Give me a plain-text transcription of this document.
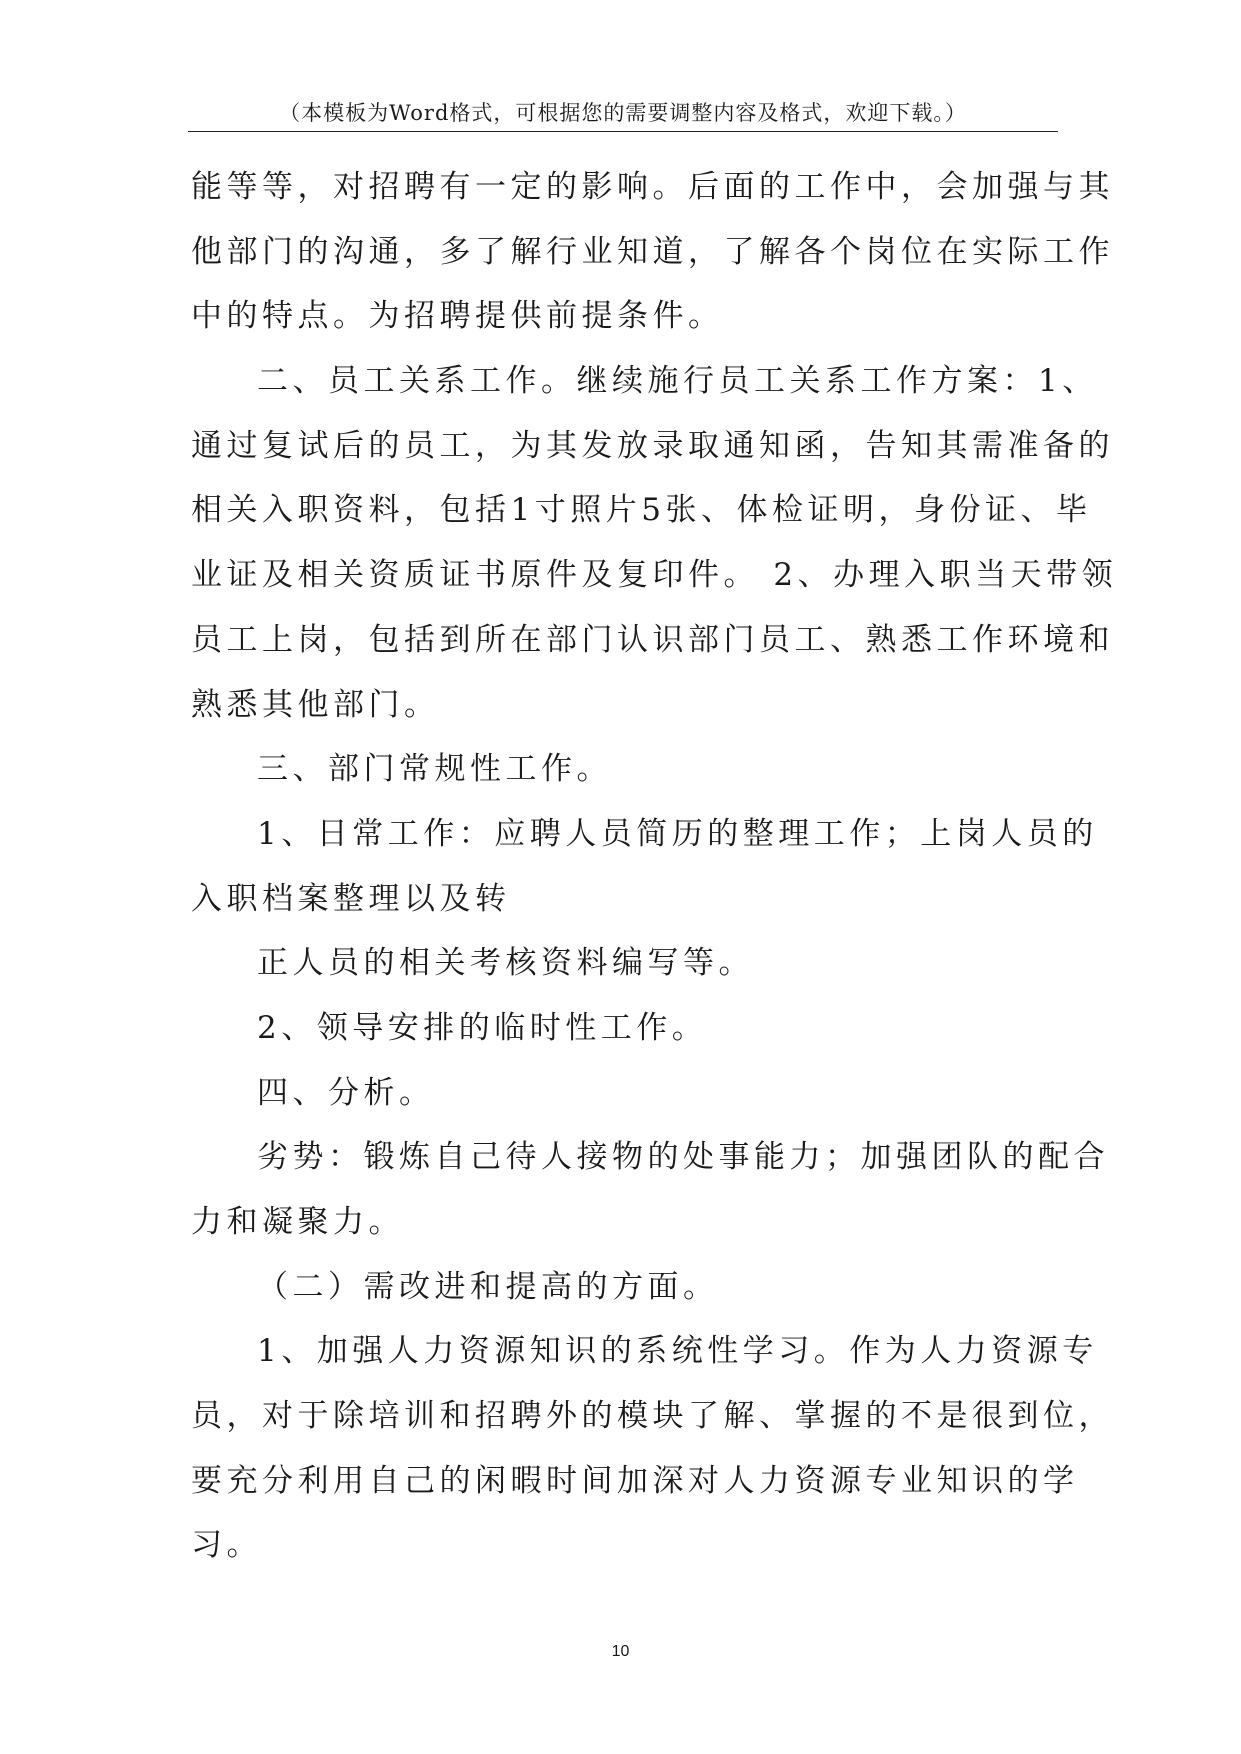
（本模板为Word格式，可根据您的需要调整内容及格式，欢迎下载。）
能等等，对招聘有一定的影响。后面的工作中，会加强与其
他部门的沟通，多了解行业知道，了解各个岗位在实际工作
中的特点。为招聘提供前提条件。
二、员工关系工作。继续施行员工关系工作方案：1、
通过复试后的员工，为其发放录取通知函，告知其需准备的
相关入职资料，包括1寸照片5张、体检证明，身份证、毕
业证及相关资质证书原件及复印件。 2、办理入职当天带领
员工上岗，包括到所在部门认识部门员工、熟悉工作环境和
熟悉其他部门。
三、部门常规性工作。
1、日常工作：应聘人员简历的整理工作；上岗人员的
入职档案整理以及转
正人员的相关考核资料编写等。
2、领导安排的临时性工作。
四、分析。
劣势：锻炼自己待人接物的处事能力；加强团队的配合
力和凝聚力。
（二）需改进和提高的方面。
1、加强人力资源知识的系统性学习。作为人力资源专
员，对于除培训和招聘外的模块了解、掌握的不是很到位，
要充分利用自己的闲暇时间加深对人力资源专业知识的学
习。
10
